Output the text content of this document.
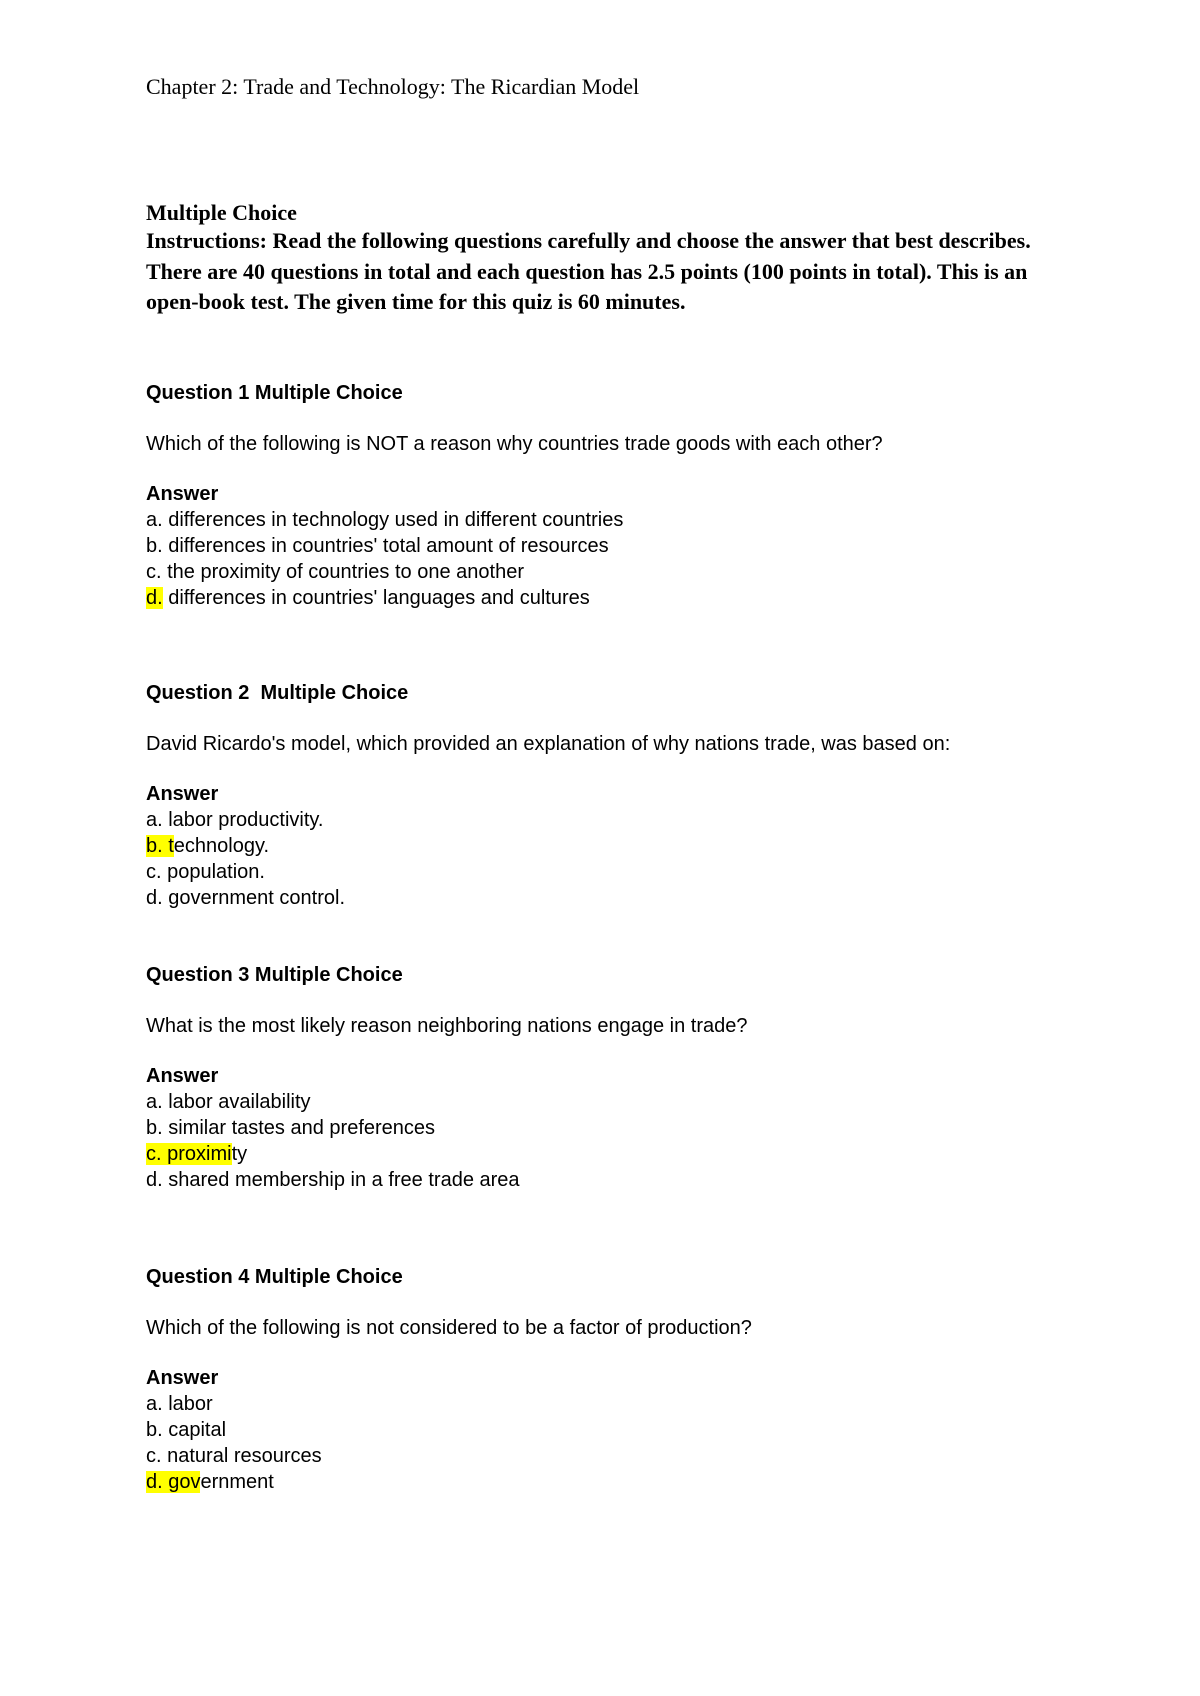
Chapter 2: Trade and Technology: The Ricardian Model
Multiple Choice
Instructions: Read the following questions carefully and choose the answer that best describes. There are 40 questions in total and each question has 2.5 points (100 points in total). This is an open-book test. The given time for this quiz is 60 minutes.
Question 1 Multiple Choice
Which of the following is NOT a reason why countries trade goods with each other?
Answer
a. differences in technology used in different countries
b. differences in countries' total amount of resources
c. the proximity of countries to one another
d. differences in countries' languages and cultures
Question 2  Multiple Choice
David Ricardo's model, which provided an explanation of why nations trade, was based on:
Answer
a. labor productivity.
b. technology.
c. population.
d. government control.
Question 3 Multiple Choice
What is the most likely reason neighboring nations engage in trade?
Answer
a. labor availability
b. similar tastes and preferences
c. proximity
d. shared membership in a free trade area
Question 4 Multiple Choice
Which of the following is not considered to be a factor of production?
Answer
a. labor
b. capital
c. natural resources
d. government
